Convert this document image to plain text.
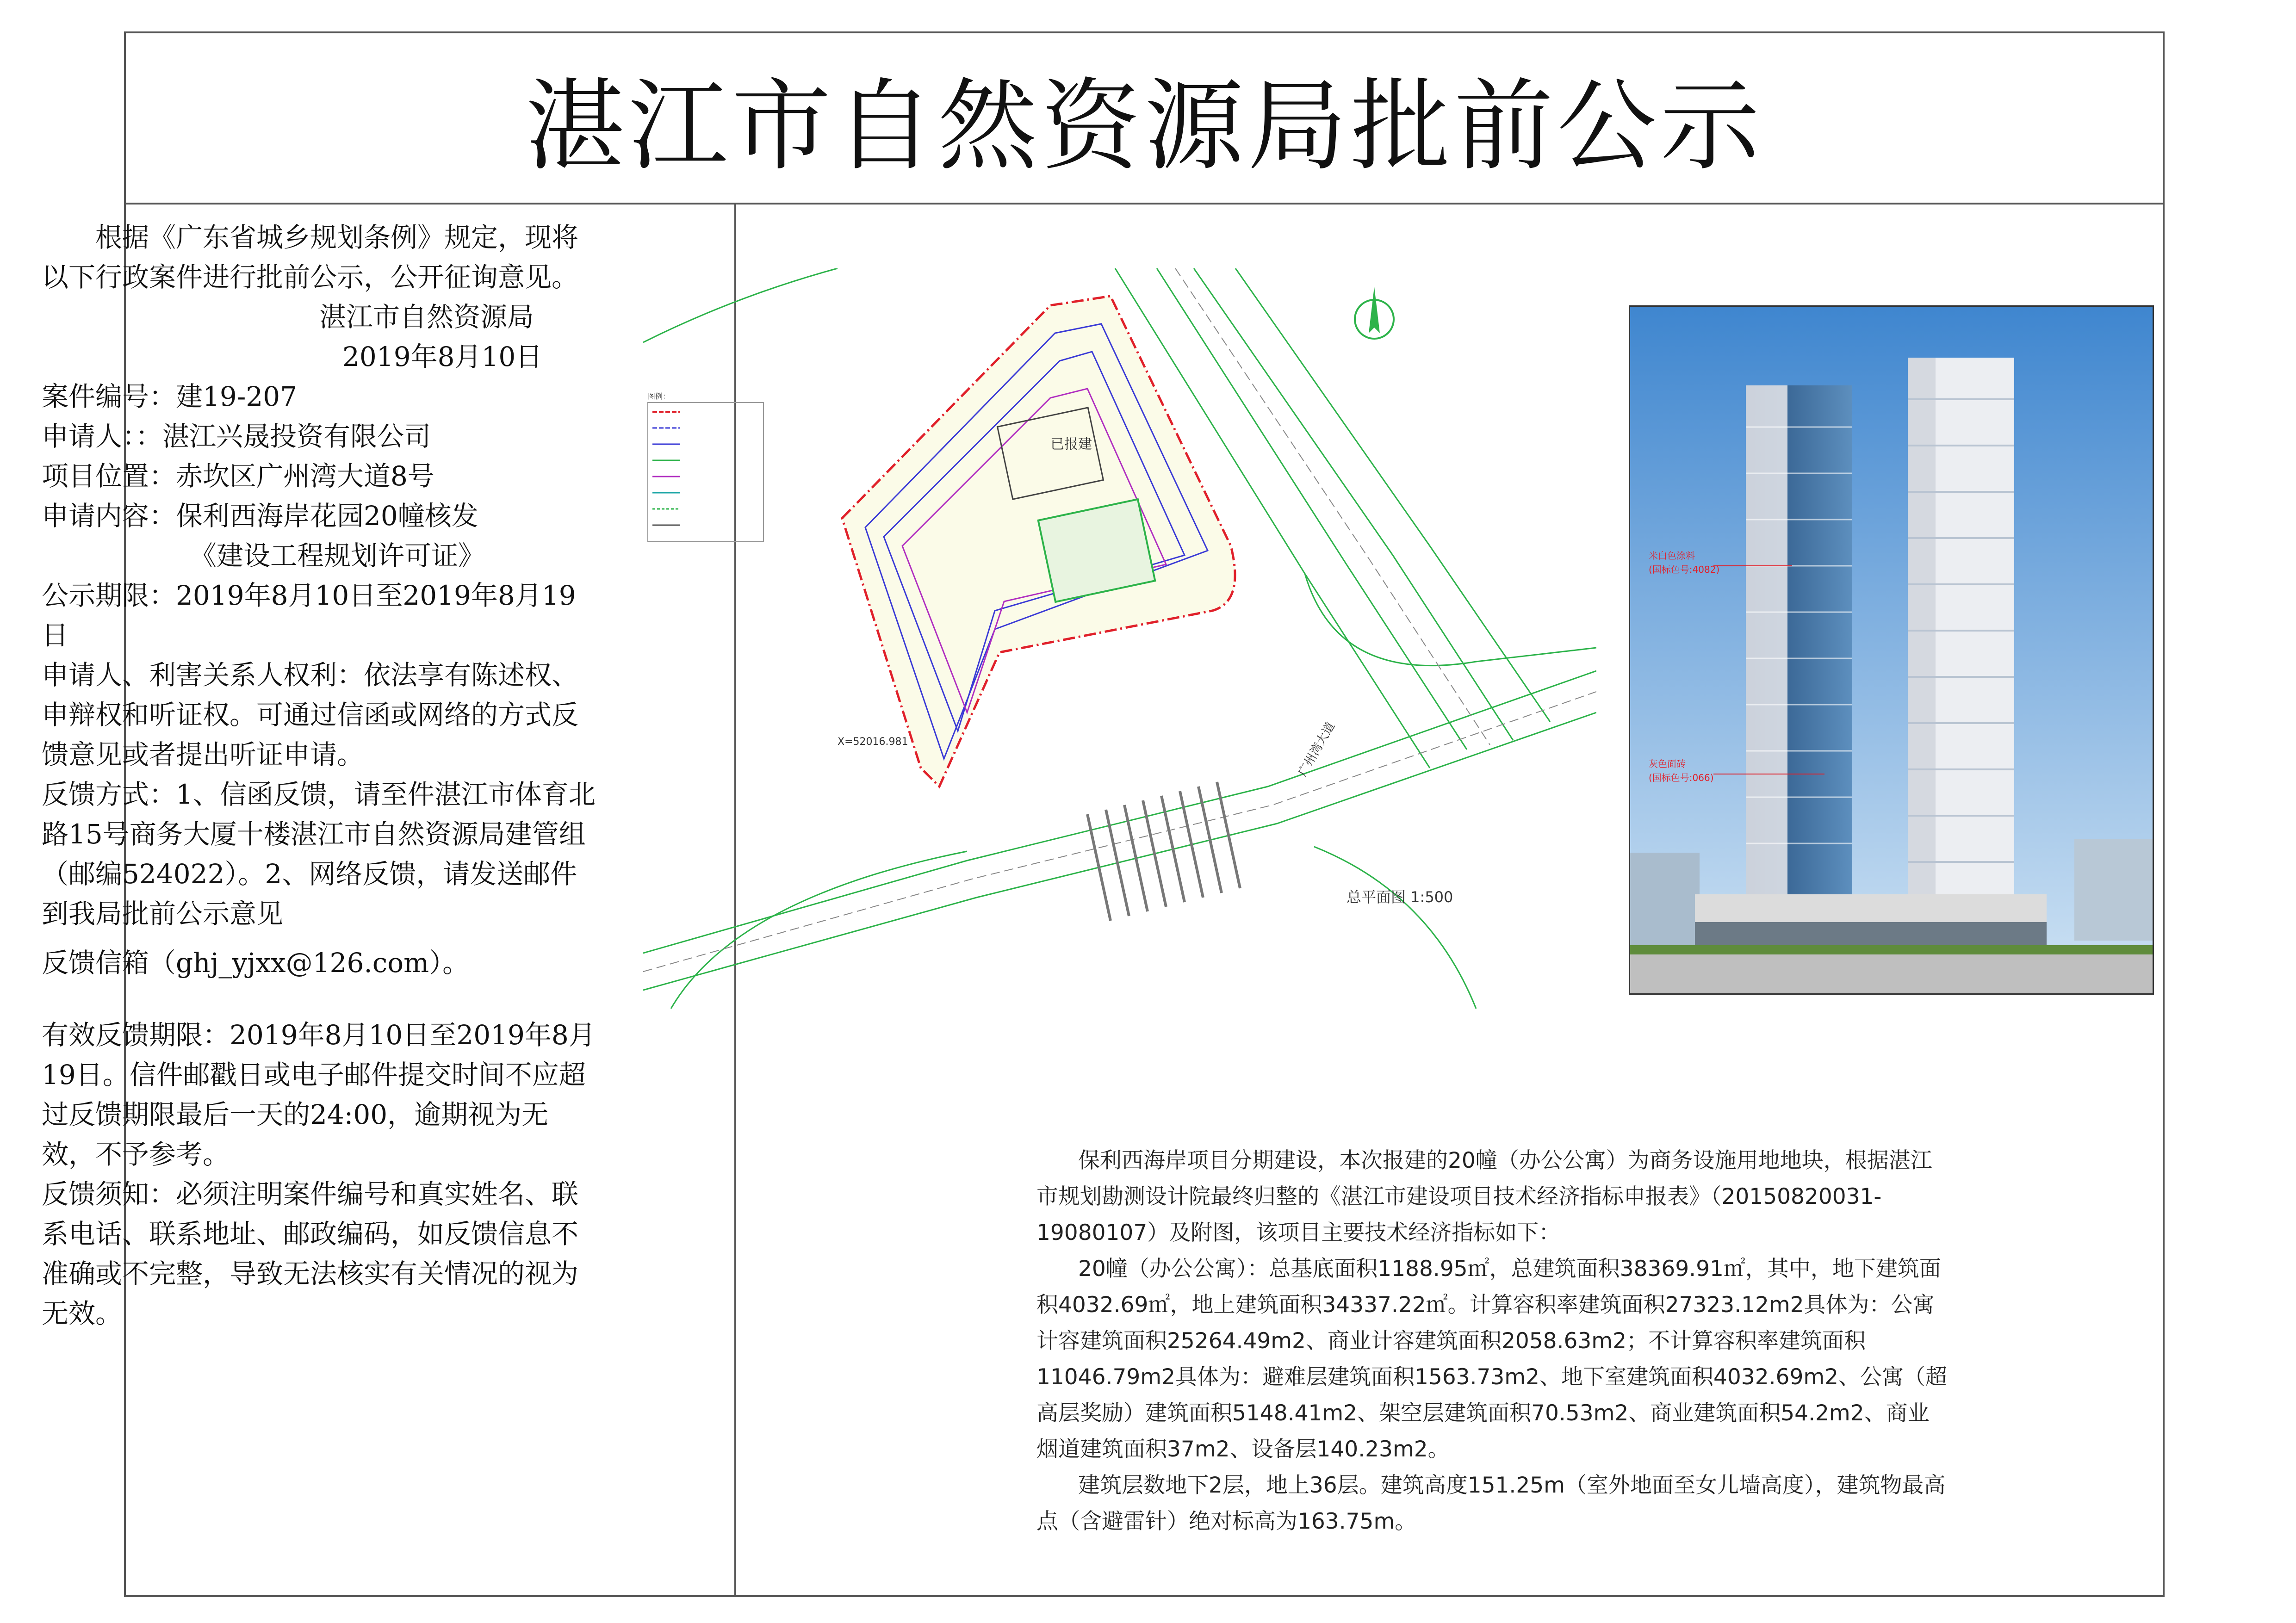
湛江市自然资源局批前公示

根据《广东省城乡规划条例》规定，现将以下行政案件进行批前公示，公开征询意见。

湛江市自然资源局

2019年8月10日

案件编号：建19-207

申请人：：湛江兴晟投资有限公司

项目位置：赤坎区广州湾大道8号

申请内容：保利西海岸花园20幢核发

《建设工程规划许可证》

公示期限：2019年8月10日至2019年8月19日

申请人、利害关系人权利：依法享有陈述权、申辩权和听证权。可通过信函或网络的方式反馈意见或者提出听证申请。

反馈方式：1、信函反馈，请至件湛江市体育北路15号商务大厦十楼湛江市自然资源局建管组（邮编524022）。2、网络反馈，请发送邮件到我局批前公示意见

反馈信箱（ghj_yjxx@126.com）。

有效反馈期限：2019年8月10日至2019年8月19日。信件邮戳日或电子邮件提交时间不应超过反馈期限最后一天的24:00，逾期视为无效，不予参考。

反馈须知：必须注明案件编号和真实姓名、联系电话、联系地址、邮政编码，如反馈信息不准确或不完整，导致无法核实有关情况的视为无效。

已报建
图例：
X=52016.981	广州湾大道
总平面图 1:500
米白色涂料
(国标色号:4082)
灰色面砖
(国标色号:066)

保利西海岸项目分期建设，本次报建的20幢（办公公寓）为商务设施用地地块，根据湛江市规划勘测设计院最终归整的《湛江市建设项目技术经济指标申报表》（20150820031-19080107）及附图，该项目主要技术经济指标如下：

20幢（办公公寓）：总基底面积1188.95㎡，总建筑面积38369.91㎡，其中，地下建筑面积4032.69㎡，地上建筑面积34337.22㎡。计算容积率建筑面积27323.12m2具体为：公寓计容建筑面积25264.49m2、商业计容建筑面积2058.63m2；不计算容积率建筑面积11046.79m2具体为：避难层建筑面积1563.73m2、地下室建筑面积4032.69m2、公寓（超高层奖励）建筑面积5148.41m2、架空层建筑面积70.53m2、商业建筑面积54.2m2、商业烟道建筑面积37m2、设备层140.23m2。

建筑层数地下2层，地上36层。建筑高度151.25m（室外地面至女儿墙高度），建筑物最高点（含避雷针）绝对标高为163.75m。
